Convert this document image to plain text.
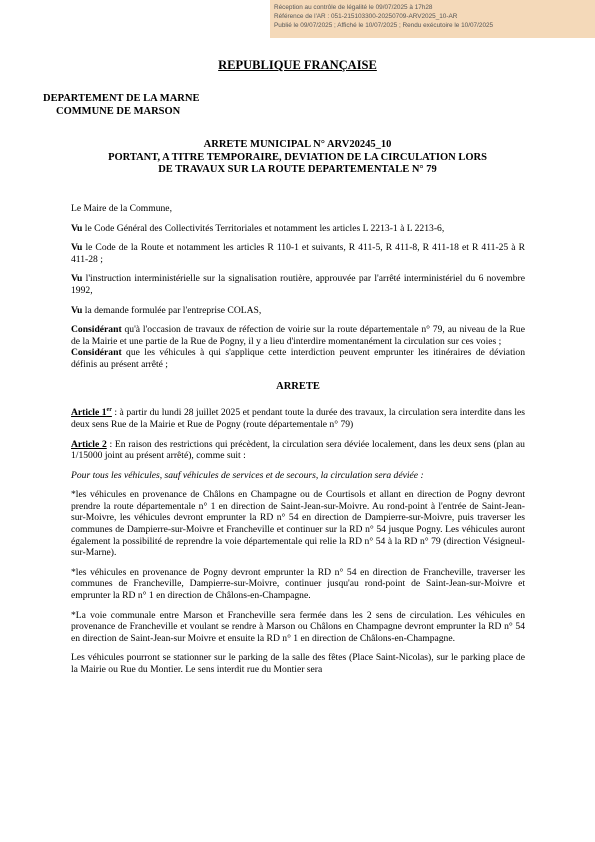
Réception au contrôle de légalité le 09/07/2025 à 17h28
Référence de l'AR : 051-215103300-20250709-ARV2025_10-AR
Publié le 09/07/2025 ; Affiché le 10/07/2025 ; Rendu exécutoire le 10/07/2025
REPUBLIQUE FRANÇAISE
DEPARTEMENT DE LA MARNE
COMMUNE DE MARSON
ARRETE MUNICIPAL N° ARV20245_10
PORTANT, A TITRE TEMPORAIRE, DEVIATION DE LA CIRCULATION LORS
DE TRAVAUX SUR LA ROUTE DEPARTEMENTALE N° 79

Le Maire de la Commune,

Vu le Code Général des Collectivités Territoriales et notamment les articles L 2213-1 à L 2213-6,

Vu le Code de la Route et notamment les articles R 110-1 et suivants, R 411-5, R 411-8, R 411-18 et R 411-25 à R 411-28 ;

Vu l'instruction interministérielle sur la signalisation routière, approuvée par l'arrêté interministériel du 6 novembre 1992,

Vu la demande formulée par l'entreprise COLAS,

Considérant qu'à l'occasion de travaux de réfection de voirie sur la route départementale n° 79, au niveau de la Rue de la Mairie et une partie de la Rue de Pogny, il y a lieu d'interdire momentanément la circulation sur ces voies ;

Considérant que les véhicules à qui s'applique cette interdiction peuvent emprunter les itinéraires de déviation définis au présent arrêté ;

ARRETE

Article 1er : à partir du lundi 28 juillet 2025 et pendant toute la durée des travaux, la circulation sera interdite dans les deux sens Rue de la Mairie et Rue de Pogny (route départementale n° 79)

Article 2 : En raison des restrictions qui précèdent, la circulation sera déviée localement, dans les deux sens (plan au 1/15000 joint au présent arrêté), comme suit :

Pour tous les véhicules, sauf véhicules de services et de secours, la circulation sera déviée :

*les véhicules en provenance de Châlons en Champagne ou de Courtisols et allant en direction de Pogny devront prendre la route départementale n° 1 en direction de Saint-Jean-sur-Moivre. Au rond-point à l'entrée de Saint-Jean-sur-Moivre, les véhicules devront emprunter la RD n° 54 en direction de Dampierre-sur-Moivre, puis traverser les communes de Dampierre-sur-Moivre et Francheville et continuer sur la RD n° 54 jusque Pogny. Les véhicules auront également la possibilité de reprendre la voie départementale qui relie la RD n° 54 à la RD n° 79 (direction Vésigneul-sur-Marne).

*les véhicules en provenance de Pogny devront emprunter la RD n° 54 en direction de Francheville, traverser les communes de Francheville, Dampierre-sur-Moivre, continuer jusqu'au rond-point de Saint-Jean-sur-Moivre et emprunter la RD n° 1 en direction de Châlons-en-Champagne.

*La voie communale entre Marson et Francheville sera fermée dans les 2 sens de circulation. Les véhicules en provenance de Francheville et voulant se rendre à Marson ou Châlons en Champagne devront emprunter la RD n° 54 en direction de Saint-Jean-sur Moivre et ensuite la RD n° 1 en direction de Châlons-en-Champagne.

Les véhicules pourront se stationner sur le parking de la salle des fêtes (Place Saint-Nicolas), sur le parking place de la Mairie ou Rue du Montier. Le sens interdit rue du Montier sera
